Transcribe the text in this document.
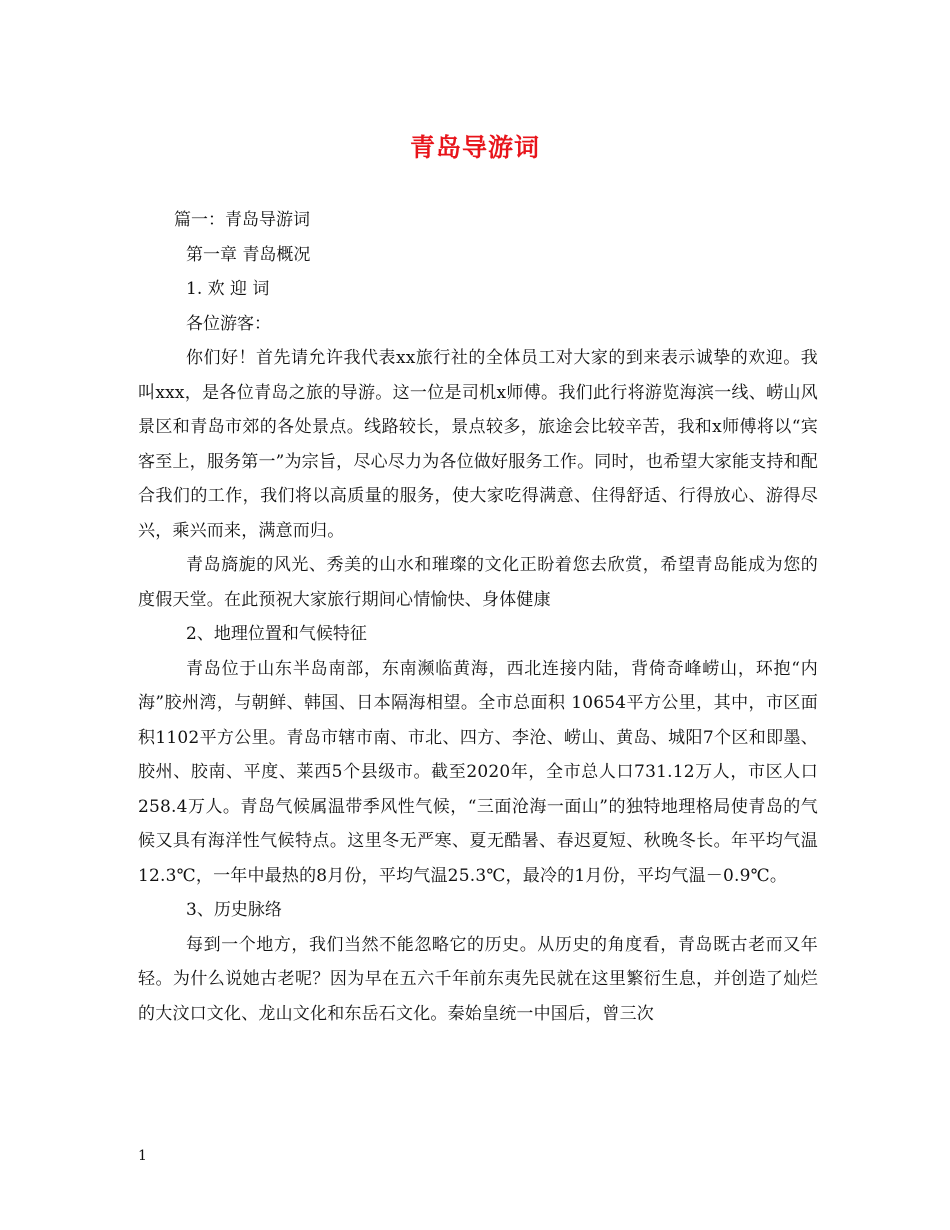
青岛导游词

篇一：青岛导游词

第一章 青岛概况

1. 欢 迎 词

各位游客：

你们好！首先请允许我代表xx旅行社的全体员工对大家的到来表示诚挚的欢迎。我叫xxx，是各位青岛之旅的导游。这一位是司机x师傅。我们此行将游览海滨一线、崂山风景区和青岛市郊的各处景点。线路较长，景点较多，旅途会比较辛苦，我和x师傅将以“宾客至上，服务第一”为宗旨，尽心尽力为各位做好服务工作。同时，也希望大家能支持和配合我们的工作，我们将以高质量的服务，使大家吃得满意、住得舒适、行得放心、游得尽兴，乘兴而来，满意而归。

青岛旖旎的风光、秀美的山水和璀璨的文化正盼着您去欣赏，希望青岛能成为您的度假天堂。在此预祝大家旅行期间心情愉快、身体健康

2、地理位置和气候特征

青岛位于山东半岛南部，东南濒临黄海，西北连接内陆，背倚奇峰崂山，环抱“内海”胶州湾，与朝鲜、韩国、日本隔海相望。全市总面积 10654平方公里，其中，市区面积1102平方公里。青岛市辖市南、市北、四方、李沧、崂山、黄岛、城阳7个区和即墨、胶州、胶南、平度、莱西5个县级市。截至2020年，全市总人口731.12万人，市区人口258.4万人。青岛气候属温带季风性气候，“三面沧海一面山”的独特地理格局使青岛的气候又具有海洋性气候特点。这里冬无严寒、夏无酷暑、春迟夏短、秋晚冬长。年平均气温12.3℃，一年中最热的8月份，平均气温25.3℃，最冷的1月份，平均气温－0.9℃。

3、历史脉络

每到一个地方，我们当然不能忽略它的历史。从历史的角度看，青岛既古老而又年轻。为什么说她古老呢？因为早在五六千年前东夷先民就在这里繁衍生息，并创造了灿烂的大汶口文化、龙山文化和东岳石文化。秦始皇统一中国后，曾三次

1
